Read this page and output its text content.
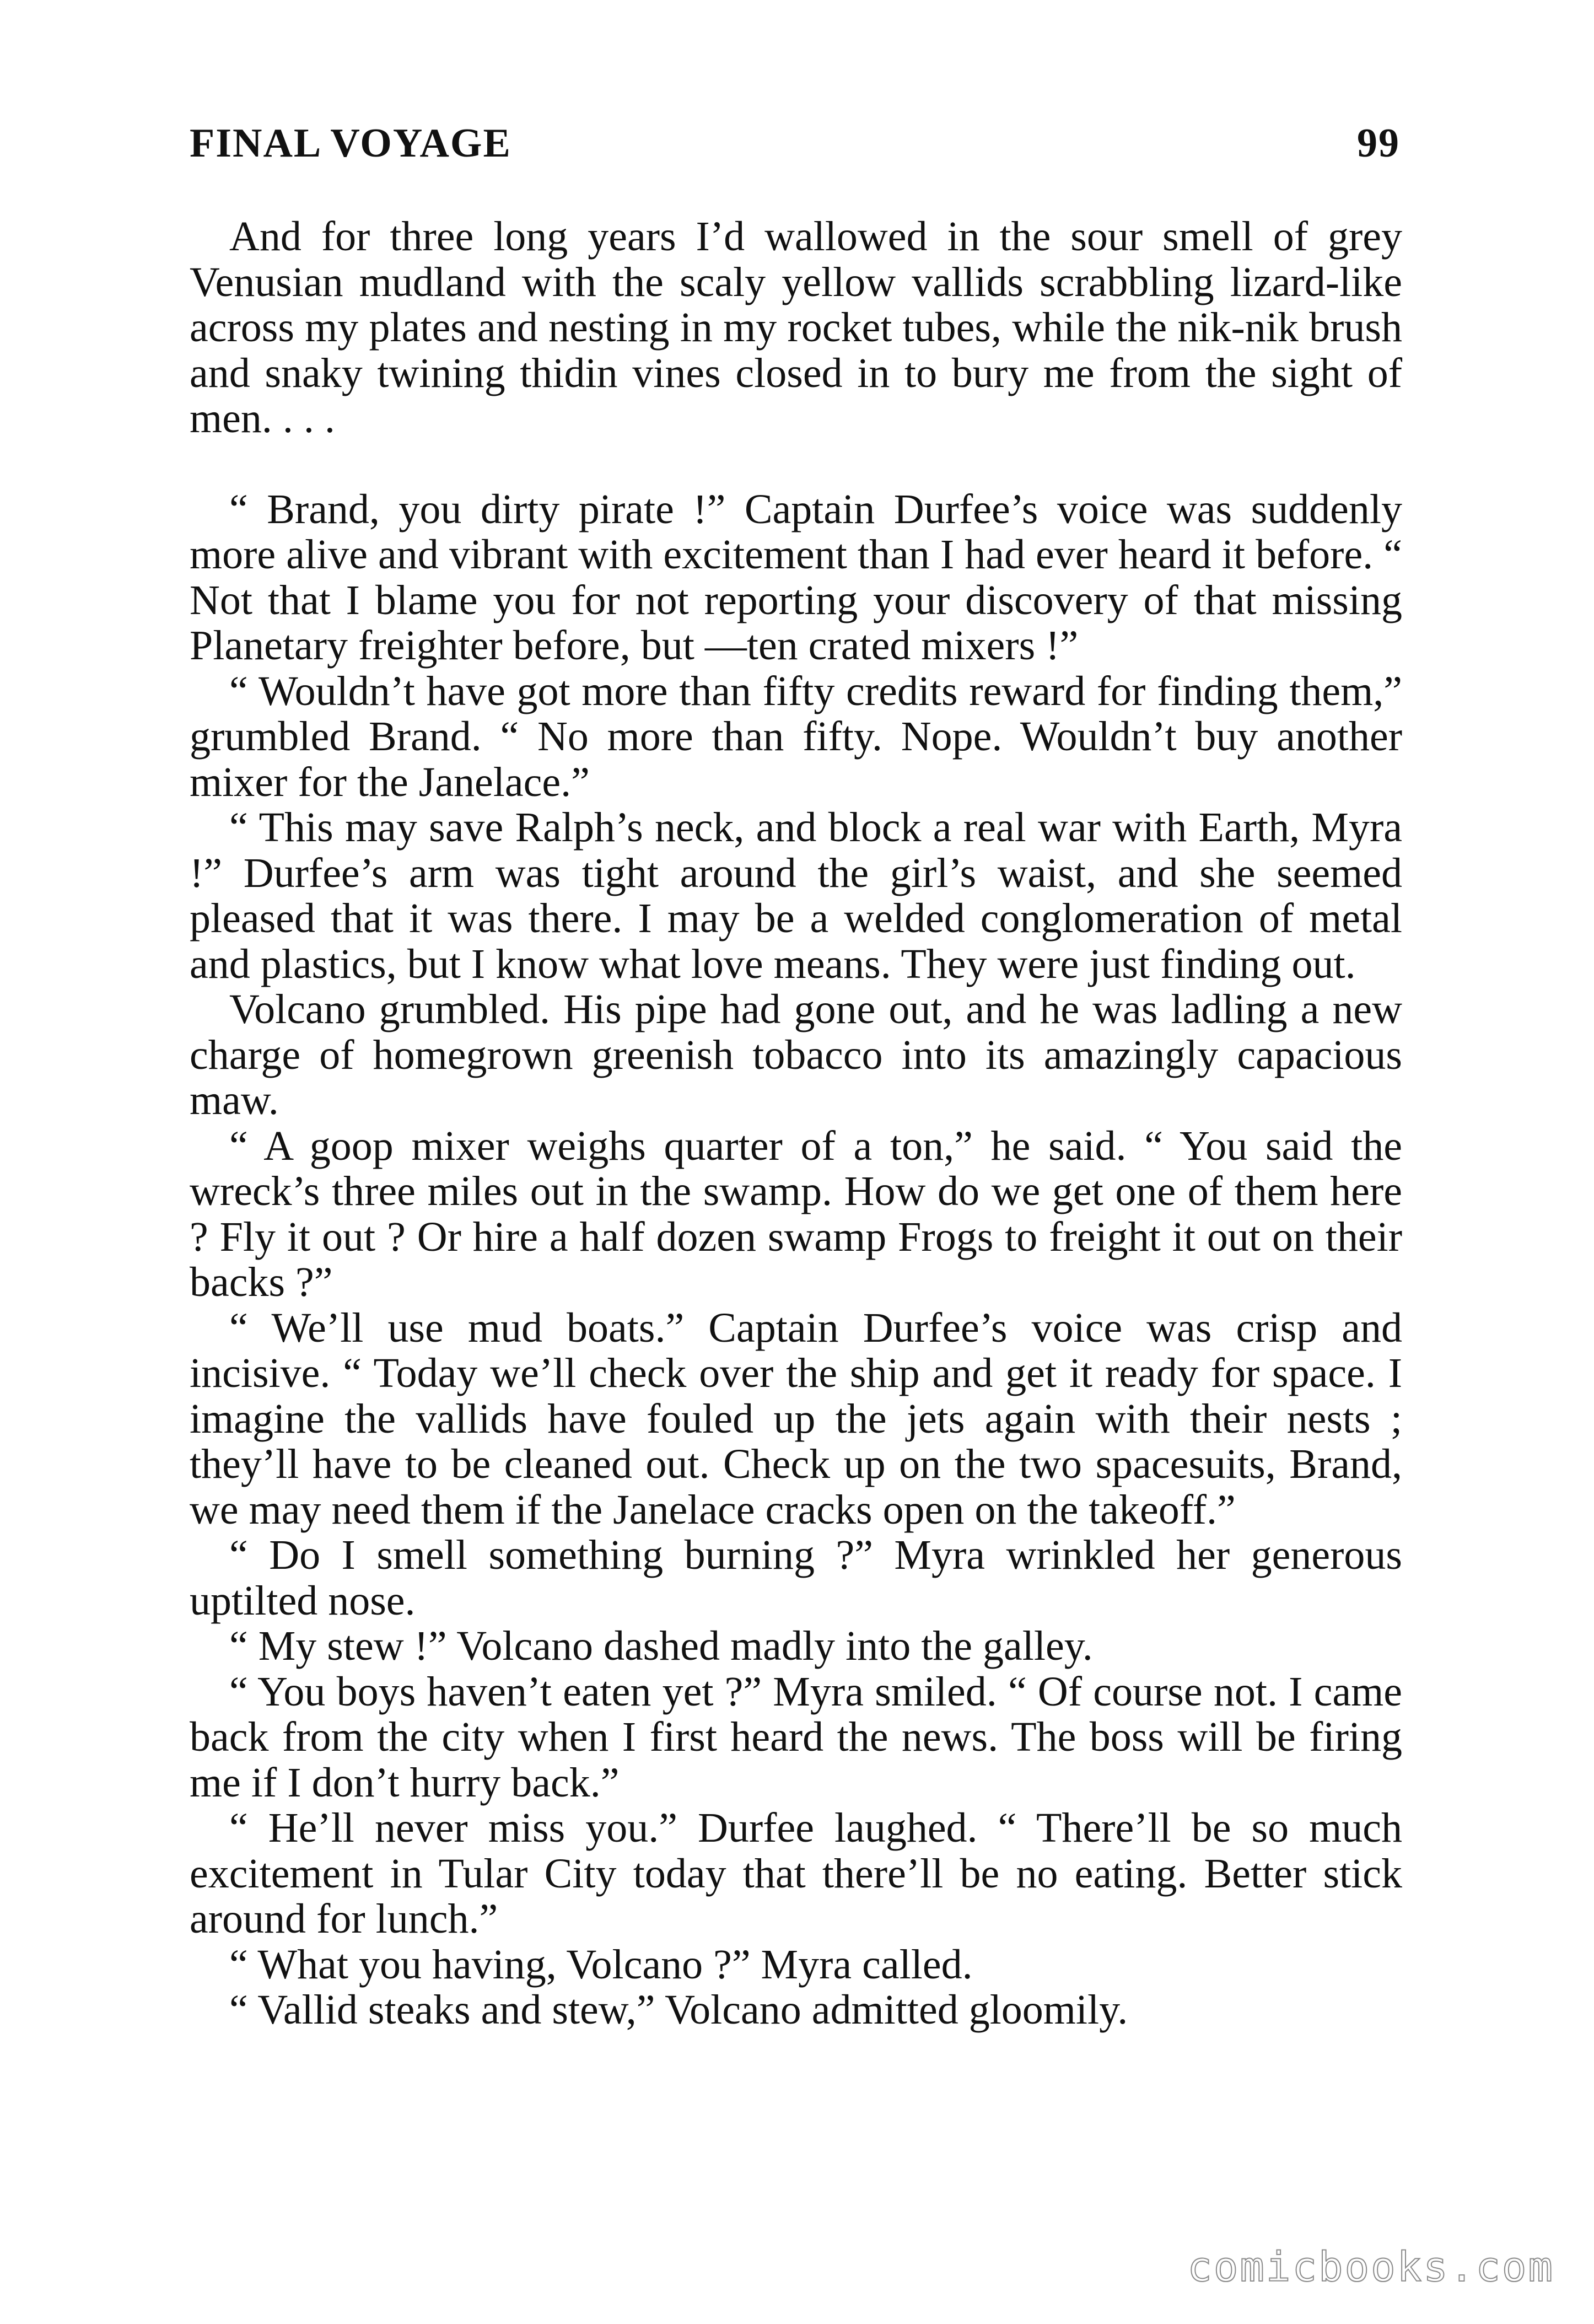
FINAL VOYAGE	99

And for three long years I’d wallowed in the sour smell of grey Venusian mudland with the scaly yellow vallids scrabbling lizard-like across my plates and nesting in my rocket tubes, while the nik-nik brush and snaky twining thidin vines closed in to bury me from the sight of men. . . .

“ Brand, you dirty pirate !” Captain Durfee’s voice was suddenly more alive and vibrant with excitement than I had ever heard it before. “ Not that I blame you for not reporting your discovery of that missing Planetary freighter before, but —ten crated mixers !”

“ Wouldn’t have got more than fifty credits reward for finding them,” grumbled Brand. “ No more than fifty. Nope. Wouldn’t buy another mixer for the Janelace.”

“ This may save Ralph’s neck, and block a real war with Earth, Myra !” Durfee’s arm was tight around the girl’s waist, and she seemed pleased that it was there. I may be a welded conglomeration of metal and plastics, but I know what love means. They were just finding out.

Volcano grumbled. His pipe had gone out, and he was ladling a new charge of homegrown greenish tobacco into its amazingly capacious maw.

“ A goop mixer weighs quarter of a ton,” he said. “ You said the wreck’s three miles out in the swamp. How do we get one of them here ? Fly it out ? Or hire a half dozen swamp Frogs to freight it out on their backs ?”

“ We’ll use mud boats.” Captain Durfee’s voice was crisp and incisive. “ Today we’ll check over the ship and get it ready for space. I imagine the vallids have fouled up the jets again with their nests ; they’ll have to be cleaned out. Check up on the two spacesuits, Brand, we may need them if the Janelace cracks open on the takeoff.”

“ Do I smell something burning ?” Myra wrinkled her generous uptilted nose.

“ My stew !” Volcano dashed madly into the galley.

“ You boys haven’t eaten yet ?” Myra smiled. “ Of course not. I came back from the city when I first heard the news. The boss will be firing me if I don’t hurry back.”

“ He’ll never miss you.” Durfee laughed. “ There’ll be so much excitement in Tular City today that there’ll be no eating. Better stick around for lunch.”

“ What you having, Volcano ?” Myra called.

“ Vallid steaks and stew,” Volcano admitted gloomily.

comicbooks.com
